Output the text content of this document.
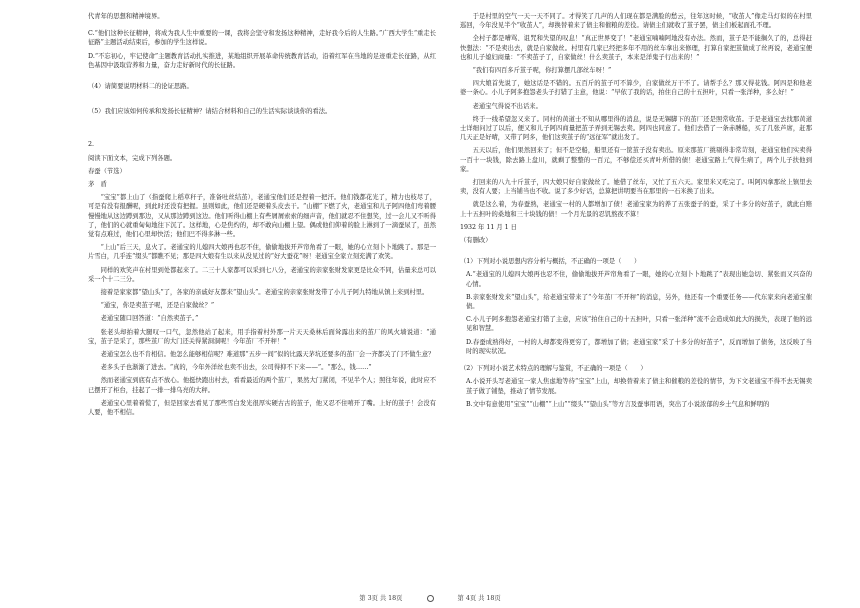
代青年的思想和精神境界。

C.“他们这种长征精神，将成为我人生中重要的一课，我将会坚守和发扬这种精神，走好我今后的人生路。”广西大学生“重走长征路”主题活动结束后，参加的学生这样说。

D.“不忘初心，牢记使命”主题教育活动扎实推进，某地组织开展革命传统教育活动，沿着红军在当地的足迹重走长征路，从红色基因中汲取营养和力量，奋力走好新时代的长征路。

（4）请简要说明材料二的论证思路。

（5）我们应该如何传承和发扬长征精神？请结合材料和自己的生活实际谈谈你的看法。

2.

阅读下面文本，完成下列各题。

春蚕（节选）

茅　盾

“宝宝”都上山了（指蚕爬上稻草秆子，准备吐丝结茧），老通宝他们还是捏着一把汗。他们钱都花光了，精力也枝尽了，可是有没有报酬呢，到此时还没有把握。虽则如此，他们还是硬着头皮去干。“山棚”下燃了火，老通宝和儿子阿四他们弯着腰慢慢地从这边蹲到那边，又从那边蹲到这边。他们听得山棚上有些屑屑索索的细声音，他们就忍不住想笑，过一会儿又不听得了，他们的心就重甸甸地往下沉了。这样地，心是焦灼的，却不敢向山棚上望。偶或他们仰着的脸上淋到了一滴蚕尿了，虽然觉有点难过，他们心里却快活；他们巴不得多淋一些。

“上山”后三天，息火了。老通宝的儿媳四大娘再也忍不住，偷偷地拔开芦帘角看了一眼，她的心立刻卜卜地跳了。那是一片雪白，几乎连“缀头”都瞧不见；那是四大娘有生以来从没见过的“好大蚕花”呀！老通宝全家立刻充满了欢笑。

同样的欢笑声在村里到处都起来了。二三十人家都可以采到七八分，老通宝的亲家张财发家更是比众不同，估量来总可以采一个十二三分。

接着是家家都“望山头”了，各家的亲戚好友都来“望山头”。老通宝的亲家张财发带了小儿子阿九特地从镇上来到村里。

“通宝，你是卖茧子呢，还是自家做丝？”

老通宝随口回答道：“自然卖茧子。”

张老头却拍着大腿叹一口气，忽然他站了起来，用手指着村外那一片天天桑林后面耸露出来的茧厂的风火墙说道：“通宝，茧子是采了，那些茧厂的大门还关得紧洞洞呢！今年茧厂不开秤！”

老通宝怎么也不肯相信。他怎么能够相信呢？难道那“五步一间”似的比露天茅坑还要多的茧厂会一齐都关了门不做生意？

老多头子也渐渐了进去。“真的，今年外洋丝也卖不出去，公司得抑不下来——”。“那么，钱……”

然而老通宝到底有点不放心。他挺快跑出村去，看看最近的两个茧厂，果然大门紧闭，不见半个人；照往年说，此时应不已摆开了柜台，挂起了一排一排乌亮的大秤。

老通宝心里着着慌了，但是回家去看见了那些雪白发光很厚实硬古古的茧子，他又忍不住嘻开了嘴。上好的茧子！会没有人要，他不相信。

于是村里的空气一天一天不同了。才得笑了几声的人们现在都是满脸的愁云，往年这时候，“收茧人”像走马灯似的在村里巡回，今年没见半个“收茧人”，却换替着来了债主和催粮的差役。请债主们就收了茧子罢，债主们板起面孔不理。

全村子都是嘈骂、诅咒和失望的叹息！“真正世界变了！”老通宝喃喃阿地没有办法。然而，茧子是不能搁久了的，总得赶快想法：“不是卖出去，就是自家做丝。村里有几家已经把多年不用的丝车拿出来修理，打算自家把茧做成了丝再说，老通宝便也和儿子媳妇商量：“不卖茧子了，自家做丝！什么卖茧子，本来是洋鬼子行出来的！”

“我们有四百多斤茧子呢，你打算摆几部丝车呀！”

四大娘首先说了，她这话是不错的。五百斤的茧子可不算少，自家做丝万干不了。请帮手么？那又得花钱。阿四是和他老婆一条心。小儿子阿多抱怨老头子打错了主意，他说：“早依了我的话，拍住自己的十五担叶，只看一张洋种，多么好！”

老通宝气得说不出话来。

终于一线希望忽又来了。同村的黄道士不知从哪里得的消息，说是无锡脚下的茧厂还是照常收茧。于是老通宝去找那黄道士详细问过了以后，便又和儿子阿四商量把茧子弄到无锡去卖。阿四也同意了。他们去借了一条赤膊船，买了几张芦席，赶那几天正是好晴，又带了阿多，他们这卖茧子的“远征军”就出发了。

五天以后，他们果然回来了；但不是空船，船里还有一筐茧子没有卖出。原来那茧厂挑剔得非常苛刻，老通宝他们实卖得一百十一块钱，除去路上盘川，就剩了整整的一百元，不够偿还买青叶所借的债！老通宝路上气得生病了，两个儿子扶他到家。

打回来的八九十斤茧子，四大娘只好自家做丝了。她借了丝车，又忙了五六天。家里米又吃完了。叫阿四拿那丝上镇里去卖，没有人要；上当铺当也不收。说了多少好话，总算把讲明要当在那里的一石米换了出来。

就是这么着，为春蚕熟，老通宝一村的人都增加了债！老通宝家为的养了五张蚕子的蚕，采了十多分的好茧子，就此白赔上十五担叶的桑地和三十块钱的债！一个月光景的忍饥熬夜不算！

1932 年 11 月 1 日

（有删改）

（1）下列对小说思想内容分析与概括，不正确的一项是（　　）

A.“老通宝的儿媳四大娘再也忍不住，偷偷地拔开芦帘角看了一眼，她的心立刻卜卜地跳了”表现出她急切、紧张而又兴奋的心情。

B.亲家张财发来“望山头”，给老通宝带来了“今年茧厂不开秤”的消息，另外，他还有一个重要任务——代东家来向老通宝催债。

C.小儿子阿多抱怨老通宝打错了主意，应该“拍住自己的十五担叶，只看一张洋种”流不会造成如此大的损失，表现了他的远见和智慧。

D.春蚕成熟得好，一村的人却都变得更穷了，都增加了债；老通宝家“采了十多分的好茧子”，反而增加了债务，这反映了当时的现实状况。

（2）下列对小说艺术特点的理解与鉴赏，不正确的一项是（　　）

A.小说开头写老通宝一家人焦虑地等待“宝宝”上山，却换替着来了债主和催粮的差役的情节，为下文老通宝不得不去无锡卖茧子做了铺垫，推动了情节发展。

B.文中有意使用“宝宝”“山棚”“上山”“缀头”“望山头”等方言及蚕事用语，突出了小说浓郁的乡土气息和鲜明的

第 3页 共 18页	第 4页 共 18页
